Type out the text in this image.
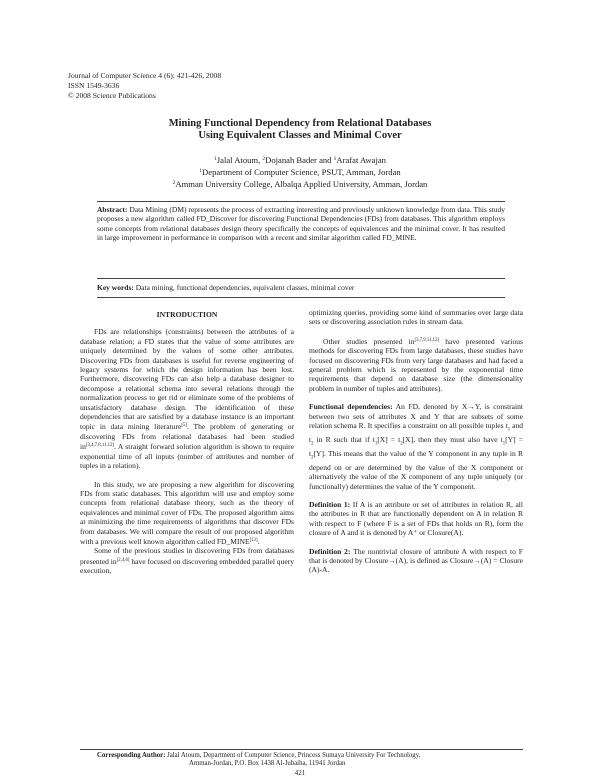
Journal of Computer Science 4 (6): 421-426, 2008
ISSN 1549-3636
© 2008 Science Publications
Mining Functional Dependency from Relational Databases
Using Equivalent Classes and Minimal Cover
$^1$Jalal Atoum, $^2$Dojanah Bader and $^1$Arafat Awajan
$^1$Department of Computer Science, PSUT, Amman, Jordan
$^2$Amman University College, Albalqa Applied University, Amman, Jordan
Abstract: Data Mining (DM) represents the process of extracting interesting and previously unknown knowledge from data. This study proposes a new algorithm called FD_Discover for discovering Functional Dependencies (FDs) from databases. This algorithm employs some concepts from relational databases design theory specifically the concepts of equivalences and the minimal cover. It has resulted in large improvement in performance in comparison with a recent and similar algorithm called FD_MINE.
Key words: Data mining, functional dependencies, equivalent classes, minimal cover
INTRODUCTION

FDs are relationships (constraints) between the attributes of a database relation; a FD states that the value of some attributes are uniquely determined by the values of some other attributes. Discovering FDs from databases is useful for reverse engineering of legacy systems for which the design information has been lost. Furthermore, discovering FDs can also help a database designer to decompose a relational schema into several relations through the normalization process to get rid or eliminate some of the problems of unsatisfactory database design. The identification of these dependencies that are satisfied by a database instance is an important topic in data mining literature[5]. The problem of generating or discovering FDs from relational databases had been studied in[3,4,7,8,11,12]. A straight forward solution algorithm is shown to require exponential time of all inputs (number of attributes and number of tuples in a relation).

In this study, we are proposing a new algorithm for discovering FDs from static databases. This algorithm will use and employ some concepts from relational database theory, such as the theory of equivalences and minimal cover of FDs. The proposed algorithm aims at minimizing the time requirements of algorithms that discover FDs from databases. We will compare the result of our proposed algorithm with a previous well known algorithm called FD_MINE[12].

Some of the previous studies in discovering FDs from databases presented in[2,4,6] have focused on discovering embedded parallel query execution,

optimizing queries, providing some kind of summaries over large data sets or discovering association rules in stream data.

Other studies presented in[3,7,9,11,12] have presented various methods for discovering FDs from large databases, these studies have focused on discovering FDs from very large databases and had faced a general problem which is represented by the exponential time requirements that depend on database size (the dimensionality problem in number of tuples and attributes).

Functional dependencies: An FD, denoted by X→Y, is constraint between two sets of attributes X and Y that are subsets of some relation schema R. It specifies a constraint on all possible tuples $t_1$ and $t_2$ in R such that if $t_1[X] = t_2[X]$, then they must also have $t_1[Y] = t_2[Y]$. This means that the value of the Y component in any tuple in R depend on or are determined by the value of the X component or alternatively the value of the X component of any tuple uniquely (or functionally) determines the value of the Y component.

Definition 1: If A is an attribute or set of attributes in relation R, all the attributes in R that are functionally dependent on A in relation R with respect to F (where F is a set of FDs that holds on R), form the closure of A and it is denoted by A⁺ or Closure(A).

Definition 2: The nontrivial closure of attribute A with respect to F that is denoted by Closure→(A), is defined as Closure→(A) = Closure (A)-A.

Corresponding Author: Jalal Atoum, Department of Computer Science, Princess Sumaya University For Technology,
Amman-Jordan, P.O. Box 1438 Al-Jubaiha, 11941 Jordan
421
